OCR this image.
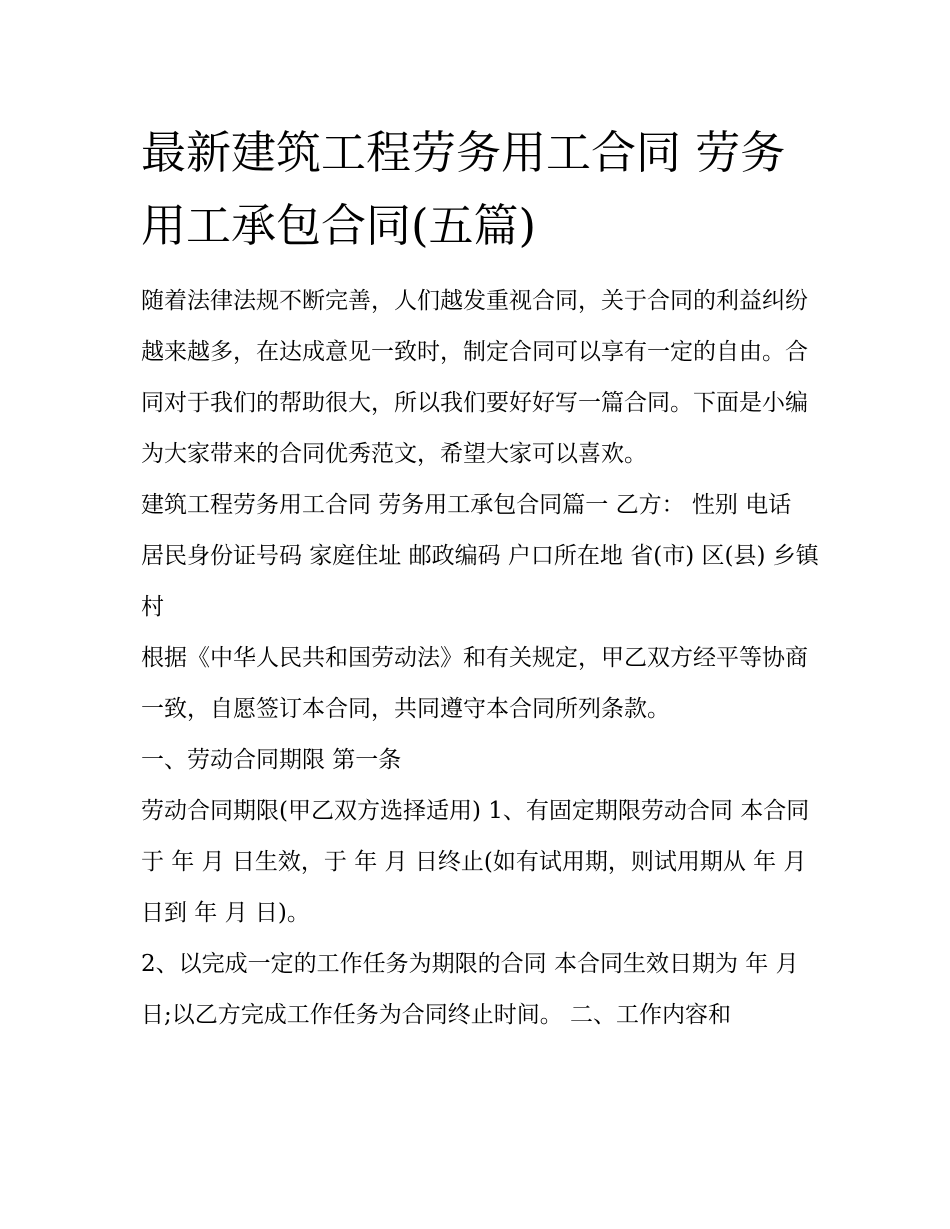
最新建筑工程劳务用工合同 劳务用工承包合同(五篇)

随着法律法规不断完善，人们越发重视合同，关于合同的利益纠纷越来越多，在达成意见一致时，制定合同可以享有一定的自由。合同对于我们的帮助很大，所以我们要好好写一篇合同。下面是小编为大家带来的合同优秀范文，希望大家可以喜欢。

建筑工程劳务用工合同 劳务用工承包合同篇一 乙方： 性别 电话 居民身份证号码 家庭住址 邮政编码 户口所在地 省(市) 区(县) 乡镇 村

根据《中华人民共和国劳动法》和有关规定，甲乙双方经平等协商一致，自愿签订本合同，共同遵守本合同所列条款。

一、劳动合同期限 第一条

劳动合同期限(甲乙双方选择适用) 1、有固定期限劳动合同 本合同于 年 月 日生效，于 年 月 日终止(如有试用期，则试用期从 年 月 日到 年 月 日)。

2、以完成一定的工作任务为期限的合同 本合同生效日期为 年 月 日;以乙方完成工作任务为合同终止时间。 二、工作内容和
